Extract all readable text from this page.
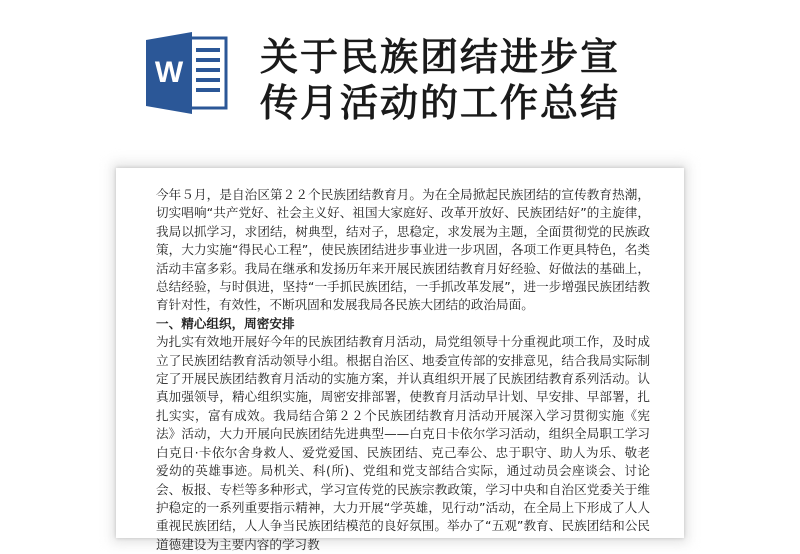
W 关于民族团结进步宣
传月活动的工作总结

今年５月，是自治区第２２个民族团结教育月。为在全局掀起民族团结的宣传教育热潮，切实唱响“共产党好、社会主义好、祖国大家庭好、改革开放好、民族团结好”的主旋律，我局以抓学习，求团结，树典型，结对子，思稳定，求发展为主题，全面贯彻党的民族政策，大力实施“得民心工程”，使民族团结进步事业进一步巩固，各项工作更具特色，名类活动丰富多彩。我局在继承和发扬历年来开展民族团结教育月好经验、好做法的基础上，总结经验，与时俱进，坚持“一手抓民族团结，一手抓改革发展”，进一步增强民族团结教育针对性，有效性，不断巩固和发展我局各民族大团结的政治局面。

一、精心组织，周密安排

为扎实有效地开展好今年的民族团结教育月活动，局党组领导十分重视此项工作，及时成立了民族团结教育活动领导小组。根据自治区、地委宣传部的安排意见，结合我局实际制定了开展民族团结教育月活动的实施方案，并认真组织开展了民族团结教育系列活动。认真加强领导，精心组织实施，周密安排部署，使教育月活动早计划、早安排、早部署，扎扎实实，富有成效。我局结合第２２个民族团结教育月活动开展深入学习贯彻实施《宪法》活动，大力开展向民族团结先进典型——白克日卡依尔学习活动，组织全局职工学习白克日·卡依尔舍身救人、爱党爱国、民族团结、克己奉公、忠于职守、助人为乐、敬老爱幼的英雄事迹。局机关、科(所)、党组和党支部结合实际，通过动员会座谈会、讨论会、板报、专栏等多种形式，学习宣传党的民族宗教政策，学习中央和自治区党委关于维护稳定的一系列重要指示精神，大力开展“学英雄，见行动”活动，在全局上下形成了人人重视民族团结，人人争当民族团结模范的良好氛围。举办了“五观”教育、民族团结和公民道德建设为主要内容的学习教
